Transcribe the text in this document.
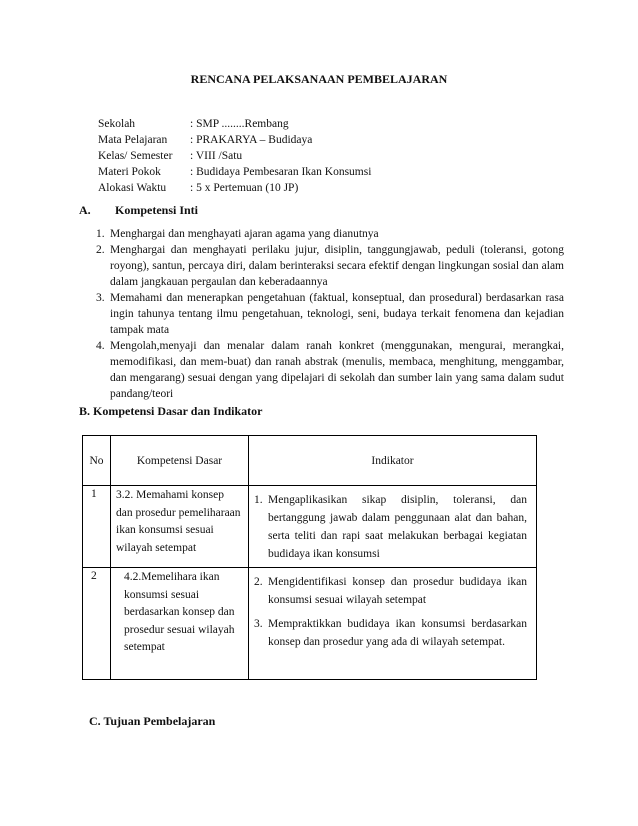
RENCANA PELAKSANAAN PEMBELAJARAN
Sekolah	: SMP ........Rembang
Mata Pelajaran	: PRAKARYA – Budidaya
Kelas/ Semester	: VIII /Satu
Materi Pokok	: Budidaya Pembesaran Ikan Konsumsi
Alokasi Waktu	: 5 x Pertemuan (10 JP)
A. Kompetensi Inti
1. Menghargai dan menghayati ajaran agama yang dianutnya
2. Menghargai dan menghayati perilaku jujur, disiplin, tanggungjawab, peduli (toleransi, gotong royong), santun, percaya diri, dalam berinteraksi secara efektif dengan lingkungan sosial dan alam dalam jangkauan pergaulan dan keberadaannya
3. Memahami dan menerapkan pengetahuan (faktual, konseptual, dan prosedural) berdasarkan rasa ingin tahunya tentang ilmu pengetahuan, teknologi, seni, budaya terkait fenomena dan kejadian tampak mata
4. Mengolah,menyaji dan menalar dalam ranah konkret (menggunakan, mengurai, merangkai, memodifikasi, dan mem-buat) dan ranah abstrak (menulis, membaca, menghitung, menggambar, dan mengarang) sesuai dengan yang dipelajari di sekolah dan sumber lain yang sama dalam sudut pandang/teori
B. Kompetensi Dasar dan Indikator
No	Kompetensi Dasar	Indikator
1	3.2. Memahami konsep dan prosedur pemeliharaan ikan konsumsi sesuai wilayah setempat	1. Mengaplikasikan sikap disiplin, toleransi, dan bertanggung jawab dalam penggunaan alat dan bahan, serta teliti dan rapi saat melakukan berbagai kegiatan budidaya ikan konsumsi

2	4.2.Memelihara ikan konsumsi sesuai berdasarkan konsep dan prosedur sesuai wilayah setempat	2. Mengidentifikasi konsep dan prosedur budidaya ikan konsumsi sesuai wilayah setempat
3. Mempraktikkan budidaya ikan konsumsi berdasarkan konsep dan prosedur yang ada di wilayah setempat.
C. Tujuan Pembelajaran
